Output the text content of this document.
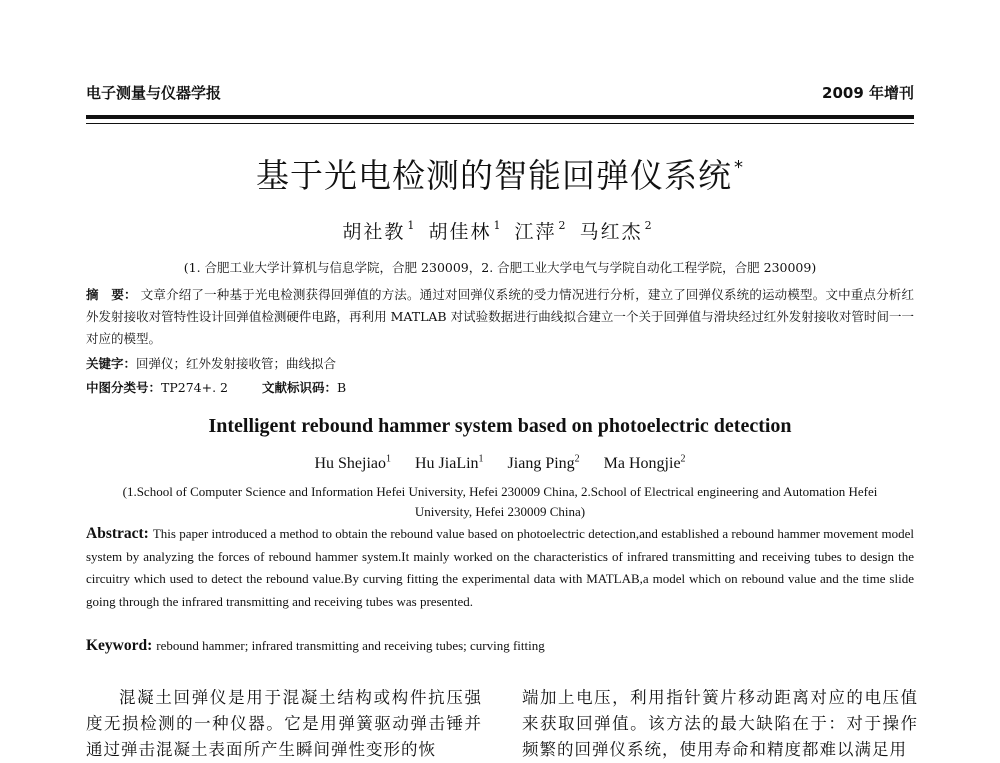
电子测量与仪器学报	2009 年增刊
基于光电检测的智能回弹仪系统 *
胡社教 $^1$ 胡佳林 $^1$ 江萍 $^2$ 马红杰 $^2$
(1. 合肥工业大学计算机与信息学院，合肥 230009，2. 合肥工业大学电气与学院自动化工程学院，合肥 230009)
摘　要： 文章介绍了一种基于光电检测获得回弹值的方法。通过对回弹仪系统的受力情况进行分析，建立了回弹仪系统的运动模型。文中重点分析红外发射接收对管特性设计回弹值检测硬件电路，再利用 MATLAB 对试验数据进行曲线拟合建立一个关于回弹值与滑块经过红外发射接收对管时间一一对应的模型。
关键字：回弹仪；红外发射接收管；曲线拟合
中图分类号：TP274+. 2	文献标识码：B
Intelligent rebound hammer system based on photoelectric detection
Hu Shejiao$^1$ Hu JiaLin$^1$ Jiang Ping$^2$ Ma Hongjie$^2$
(1.School of Computer Science and Information Hefei University, Hefei 230009 China, 2.School of Electrical engineering and Automation Hefei University, Hefei 230009 China)
Abstract: This paper introduced a method to obtain the rebound value based on photoelectric detection,and established a rebound hammer movement model system by analyzing the forces of rebound hammer system.It mainly worked on the characteristics of infrared transmitting and receiving tubes to design the circuitry which used to detect the rebound value.By curving fitting the experimental data with MATLAB,a model which on rebound value and the time slide going through the infrared transmitting and receiving tubes was presented.
Keyword: rebound hammer; infrared transmitting and receiving tubes; curving fitting
混凝土回弹仪是用于混凝土结构或构件抗压强度无损检测的一种仪器。它是用弹簧驱动弹击锤并通过弹击混凝土表面所产生瞬间弹性变形的恢
端加上电压，利用指针簧片移动距离对应的电压值来获取回弹值。该方法的最大缺陷在于：对于操作频繁的回弹仪系统，使用寿命和精度都难以满足用
